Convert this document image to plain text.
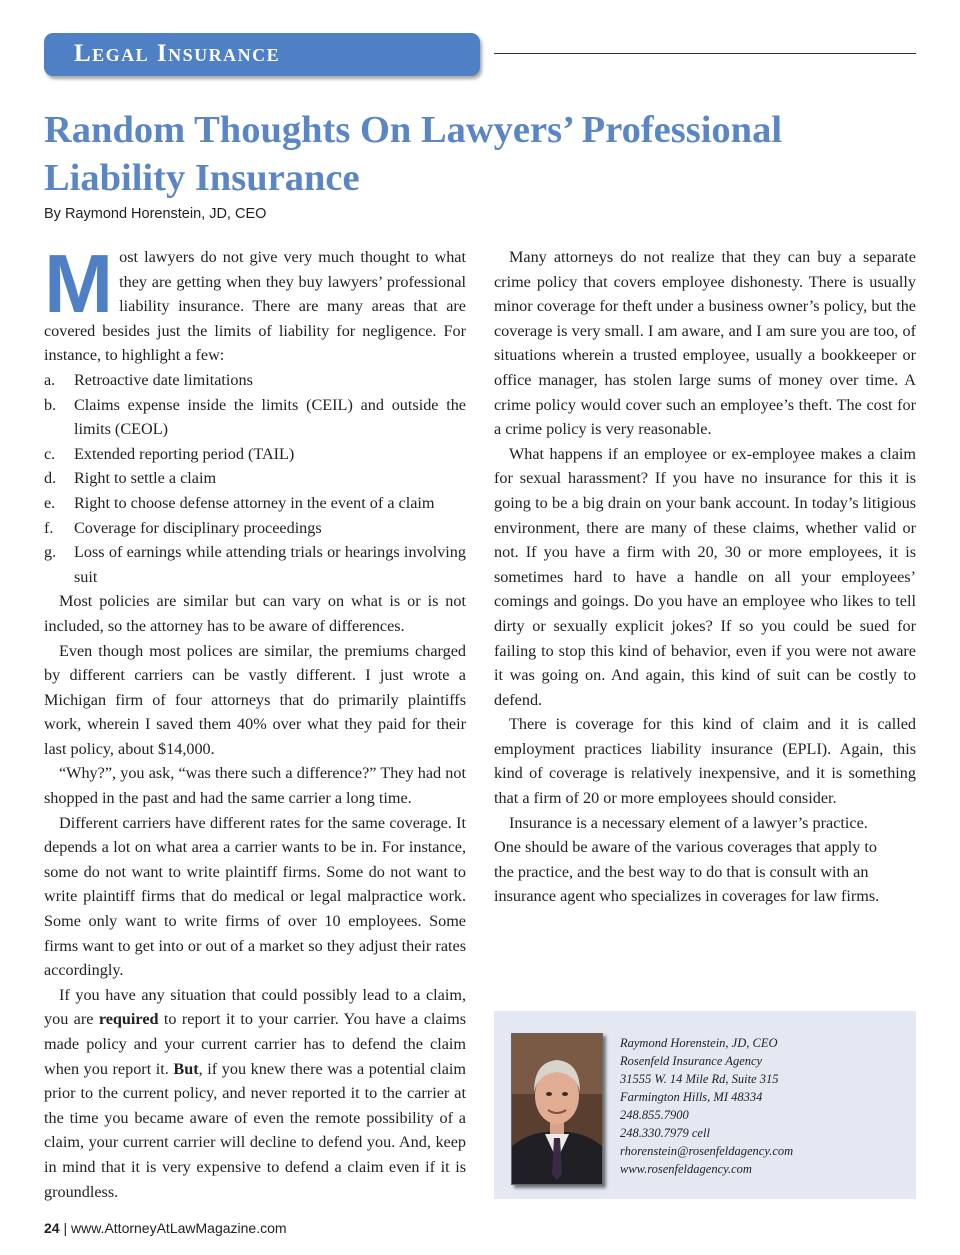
Legal Insurance
Random Thoughts On Lawyers’ Professional Liability Insurance
By Raymond Horenstein, JD, CEO

Most lawyers do not give very much thought to what they are getting when they buy lawyers’ professional liability insurance. There are many areas that are covered besides just the limits of liability for negligence. For instance, to highlight a few:

a. Retroactive date limitations
b. Claims expense inside the limits (CEIL) and outside the limits (CEOL)
c. Extended reporting period (TAIL)
d. Right to settle a claim
e. Right to choose defense attorney in the event of a claim
f. Coverage for disciplinary proceedings
g. Loss of earnings while attending trials or hearings involving suit

Most policies are similar but can vary on what is or is not included, so the attorney has to be aware of differences.

Even though most polices are similar, the premiums charged by different carriers can be vastly different. I just wrote a Michigan firm of four attorneys that do primarily plaintiffs work, wherein I saved them 40% over what they paid for their last policy, about $14,000.

“Why?”, you ask, “was there such a difference?” They had not shopped in the past and had the same carrier a long time.

Different carriers have different rates for the same coverage. It depends a lot on what area a carrier wants to be in. For instance, some do not want to write plaintiff firms. Some do not want to write plaintiff firms that do medical or legal malpractice work. Some only want to write firms of over 10 employees. Some firms want to get into or out of a market so they adjust their rates accordingly.

If you have any situation that could possibly lead to a claim, you are required to report it to your carrier. You have a claims made policy and your current carrier has to defend the claim when you report it. But, if you knew there was a potential claim prior to the current policy, and never reported it to the carrier at the time you became aware of even the remote possibility of a claim, your current carrier will decline to defend you. And, keep in mind that it is very expensive to defend a claim even if it is groundless.

Many attorneys do not realize that they can buy a separate crime policy that covers employee dishonesty. There is usually minor coverage for theft under a business owner’s policy, but the coverage is very small. I am aware, and I am sure you are too, of situations wherein a trusted employee, usually a bookkeeper or office manager, has stolen large sums of money over time. A crime policy would cover such an employee’s theft. The cost for a crime policy is very reasonable.

What happens if an employee or ex-employee makes a claim for sexual harassment? If you have no insurance for this it is going to be a big drain on your bank account. In today’s litigious environment, there are many of these claims, whether valid or not. If you have a firm with 20, 30 or more employees, it is sometimes hard to have a handle on all your employees’ comings and goings. Do you have an employee who likes to tell dirty or sexually explicit jokes? If so you could be sued for failing to stop this kind of behavior, even if you were not aware it was going on. And again, this kind of suit can be costly to defend.

There is coverage for this kind of claim and it is called employment practices liability insurance (EPLI). Again, this kind of coverage is relatively inexpensive, and it is something that a firm of 20 or more employees should consider.

Insurance is a necessary element of a lawyer’s practice.
One should be aware of the various coverages that apply to
the practice, and the best way to do that is consult with an
insurance agent who specializes in coverages for law firms.
Raymond Horenstein, JD, CEO
Rosenfeld Insurance Agency
31555 W. 14 Mile Rd, Suite 315
Farmington Hills, MI 48334
248.855.7900
248.330.7979 cell
rhorenstein@rosenfeldagency.com
www.rosenfeldagency.com
24 | www.AttorneyAtLawMagazine.com
